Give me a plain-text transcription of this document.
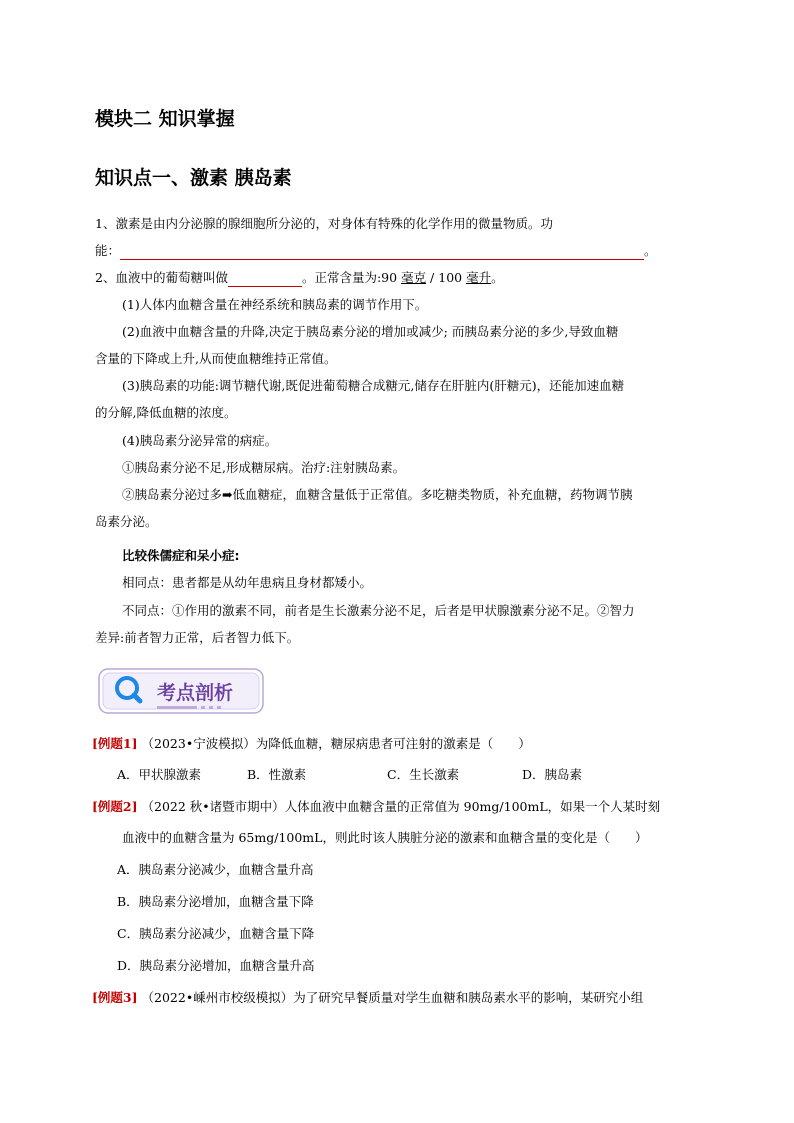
模块二 知识掌握
知识点一、激素 胰岛素
1、激素是由内分泌腺的腺细胞所分泌的，对身体有特殊的化学作用的微量物质。功
能：	。
2、血液中的葡萄糖叫做	。正常含量为:90 毫克 / 100 毫升。
(1)人体内血糖含量在神经系统和胰岛素的调节作用下。
(2)血液中血糖含量的升降,决定于胰岛素分泌的增加或减少; 而胰岛素分泌的多少,导致血糖
含量的下降或上升,从而使血糖维持正常值。
(3)胰岛素的功能:调节糖代谢,既促进葡萄糖合成糖元,储存在肝脏内(肝糖元)，还能加速血糖
的分解,降低血糖的浓度。
(4)胰岛素分泌异常的病症。
①胰岛素分泌不足,形成糖尿病。治疗:注射胰岛素。
②胰岛素分泌过多➡低血糖症，血糖含量低于正常值。多吃糖类物质，补充血糖，药物调节胰
岛素分泌。
比较侏儒症和呆小症:
相同点：患者都是从幼年患病且身材都矮小。
不同点：①作用的激素不同，前者是生长激素分泌不足，后者是甲状腺激素分泌不足。②智力
差异:前者智力正常，后者智力低下。
考点剖析
[例题1] （2023•宁波模拟）为降低血糖，糖尿病患者可注射的激素是（　　）
A．甲状腺激素	B．性激素	C．生长激素	D．胰岛素
[例题2] （2022 秋•诸暨市期中）人体血液中血糖含量的正常值为 90mg/100mL，如果一个人某时刻
血液中的血糖含量为 65mg/100mL，则此时该人胰脏分泌的激素和血糖含量的变化是（　　）
A．胰岛素分泌减少，血糖含量升高
B．胰岛素分泌增加，血糖含量下降
C．胰岛素分泌减少，血糖含量下降
D．胰岛素分泌增加，血糖含量升高
[例题3] （2022•嵊州市校级模拟）为了研究早餐质量对学生血糖和胰岛素水平的影响，某研究小组
